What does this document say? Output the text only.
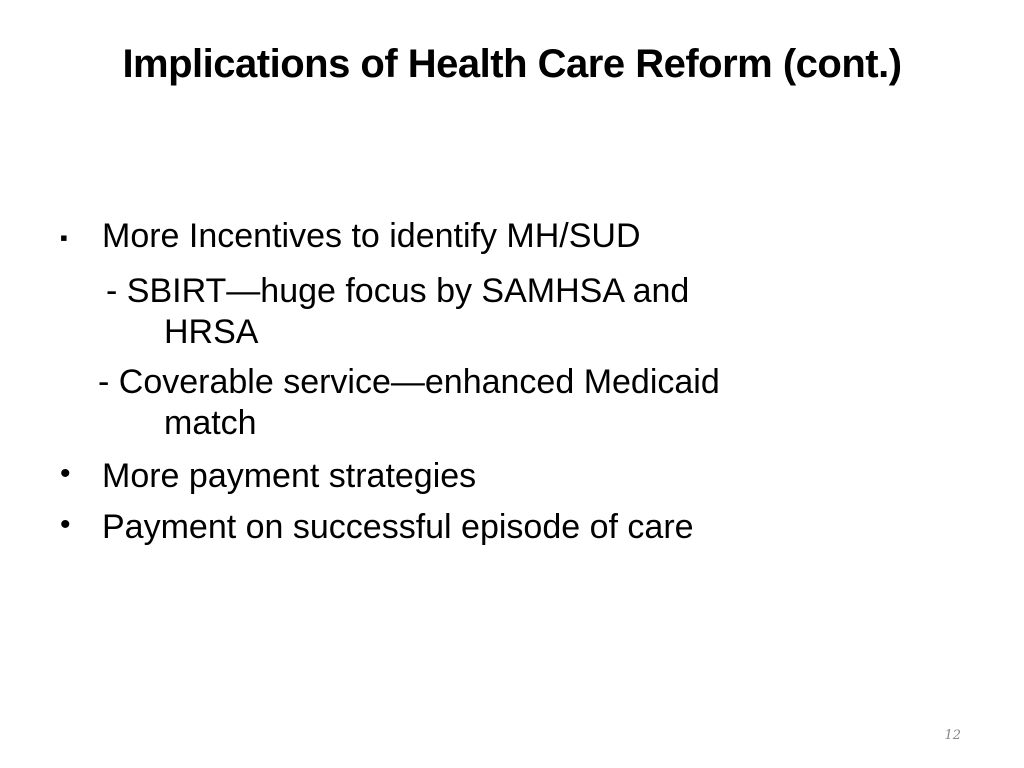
Implications of Health Care Reform (cont.)
▪	More Incentives to identify MH/SUD
- SBIRT—huge focus by SAMHSA and
HRSA
- Coverable service—enhanced Medicaid
match
• More payment strategies
• Payment on successful episode of care
12
